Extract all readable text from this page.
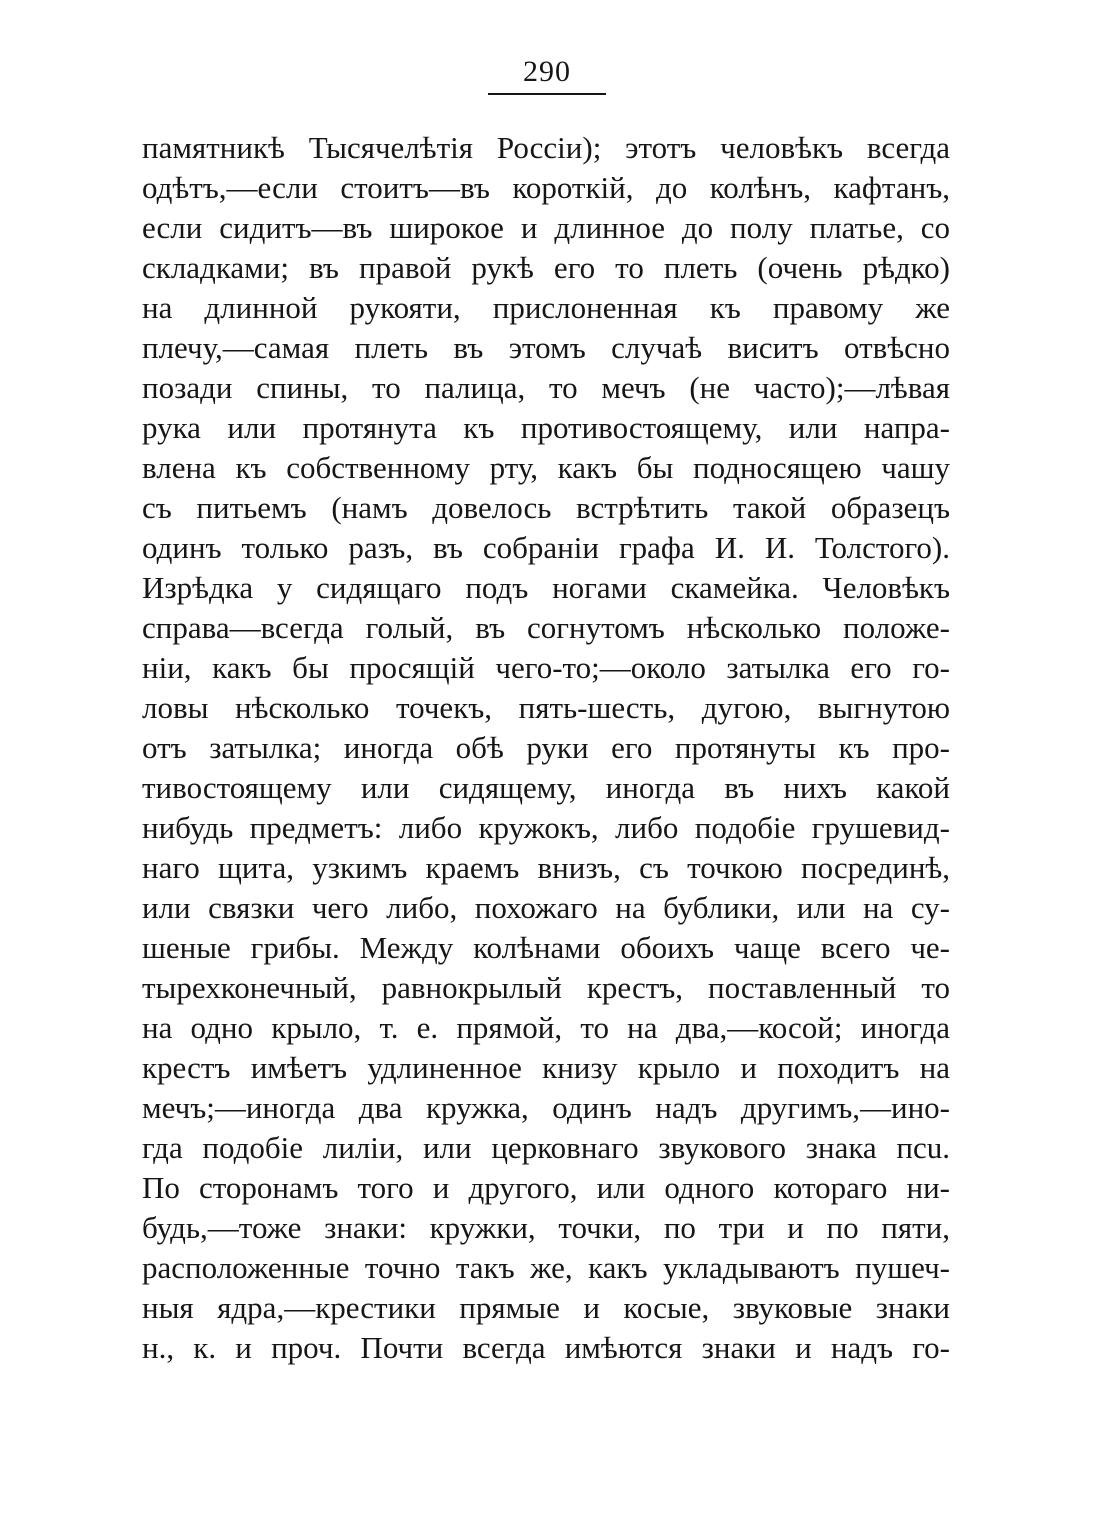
290
памятникѣ Тысячелѣтія Россіи); этотъ человѣкъ всегда
одѣтъ,—если стоитъ—въ короткій, до колѣнъ, кафтанъ,
если сидитъ—въ широкое и длинное до полу платье, со
складками; въ правой рукѣ его то плеть (очень рѣдко)
на длинной рукояти, прислоненная къ правому же
плечу,—самая плеть въ этомъ случаѣ виситъ отвѣсно
позади спины, то палица, то мечъ (не часто);—лѣвая
рука или протянута къ противостоящему, или напра-
влена къ собственному рту, какъ бы подносящею чашу
съ питьемъ (намъ довелось встрѣтить такой образецъ
одинъ только разъ, въ собраніи графа И. И. Толстого).
Изрѣдка у сидящаго подъ ногами скамейка. Человѣкъ
справа—всегда голый, въ согнутомъ нѣсколько положе-
ніи, какъ бы просящій чего-то;—около затылка его го-
ловы нѣсколько точекъ, пять-шесть, дугою, выгнутою
отъ затылка; иногда обѣ руки его протянуты къ про-
тивостоящему или сидящему, иногда въ нихъ какой
нибудь предметъ: либо кружокъ, либо подобіе грушевид-
наго щита, узкимъ краемъ внизъ, съ точкою посрединѣ,
или связки чего либо, похожаго на бублики, или на су-
шеные грибы. Между колѣнами обоихъ чаще всего че-
тырехконечный, равнокрылый крестъ, поставленный то
на одно крыло, т. е. прямой, то на два,—косой; иногда
крестъ имѣетъ удлиненное книзу крыло и походитъ на
мечъ;—иногда два кружка, одинъ надъ другимъ,—ино-
гда подобіе лиліи, или церковнаго звукового знака псu.
По сторонамъ того и другого, или одного котораго ни-
будь,—тоже знаки: кружки, точки, по три и по пяти,
расположенные точно такъ же, какъ укладываютъ пушеч-
ныя ядра,—крестики прямые и косые, звуковые знаки
н., к. и проч. Почти всегда имѣются знаки и надъ го-
